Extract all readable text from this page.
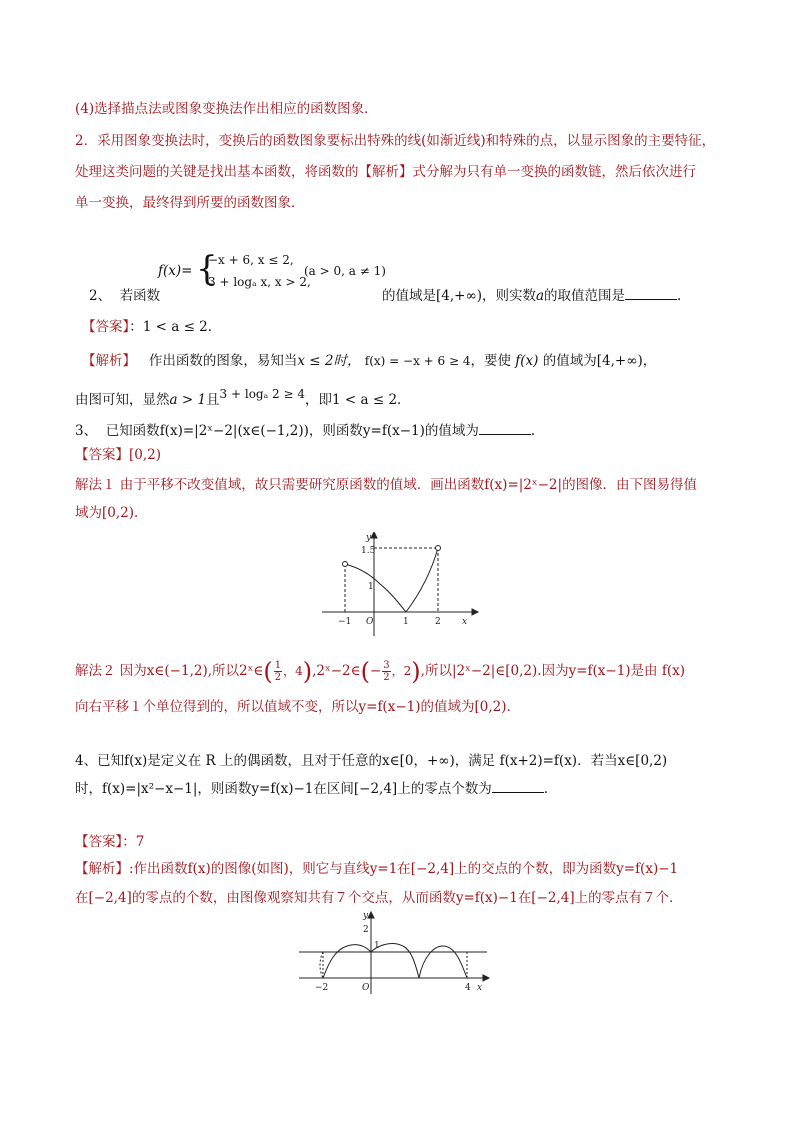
(4)选择描点法或图象变换法作出相应的函数图象．
2．采用图象变换法时，变换后的函数图象要标出特殊的线(如渐近线)和特殊的点，以显示图象的主要特征，
处理这类问题的关键是找出基本函数，将函数的【解析】式分解为只有单一变换的函数链，然后依次进行
单一变换，最终得到所要的函数图象．
f(x)= {
−x + 6, x ≤ 2,
3 + logₐ x, x > 2,
(a > 0, a ≠ 1)
2、 若函数	的值域是[4,+∞)，则实数a的取值范围是	.
【答案】：1 < a ≤ 2．
【解析】 作出函数的图象，易知当x ≤ 2时， f(x) = −x + 6 ≥ 4，要使 f(x) 的值域为[4,+∞)，
由图可知，显然a > 1且3 + logₐ 2 ≥ 4，即1 < a ≤ 2．
3、 已知函数f(x)=|2ˣ−2|(x∈(−1,2))，则函数y=f(x−1)的值域为	.
【答案】[0,2)
解法１ 由于平移不改变值域，故只需要研究原函数的值域．画出函数f(x)=|2ˣ−2|的图像．由下图易得值
域为[0,2)．
y
x
1.5
1
−1 O	1	2
解法２ 因为x∈(−1,2),所以2ˣ∈( $\frac{1}{2}$ ，4),2ˣ−2∈(− $\frac{3}{2}$ ，2),所以|2ˣ−2|∈[0,2).因为y=f(x−1)是由 f(x)
向右平移１个单位得到的，所以值域不变，所以y=f(x−1)的值域为[0,2)．
4、已知f(x)是定义在 R 上的偶函数，且对于任意的x∈[0，+∞)，满足 f(x+2)=f(x)．若当x∈[0,2)
时，f(x)=|x²−x−1|，则函数y=f(x)−1在区间[−2,4]上的零点个数为	.
【答案】：7
【解析】:作出函数f(x)的图像(如图)，则它与直线y=1在[−2,4]上的交点的个数，即为函数y=f(x)−1
在[−2,4]的零点的个数，由图像观察知共有７个交点，从而函数y=f(x)−1在[−2,4]上的零点有７个．
y
x
2
1
−2	O	4
